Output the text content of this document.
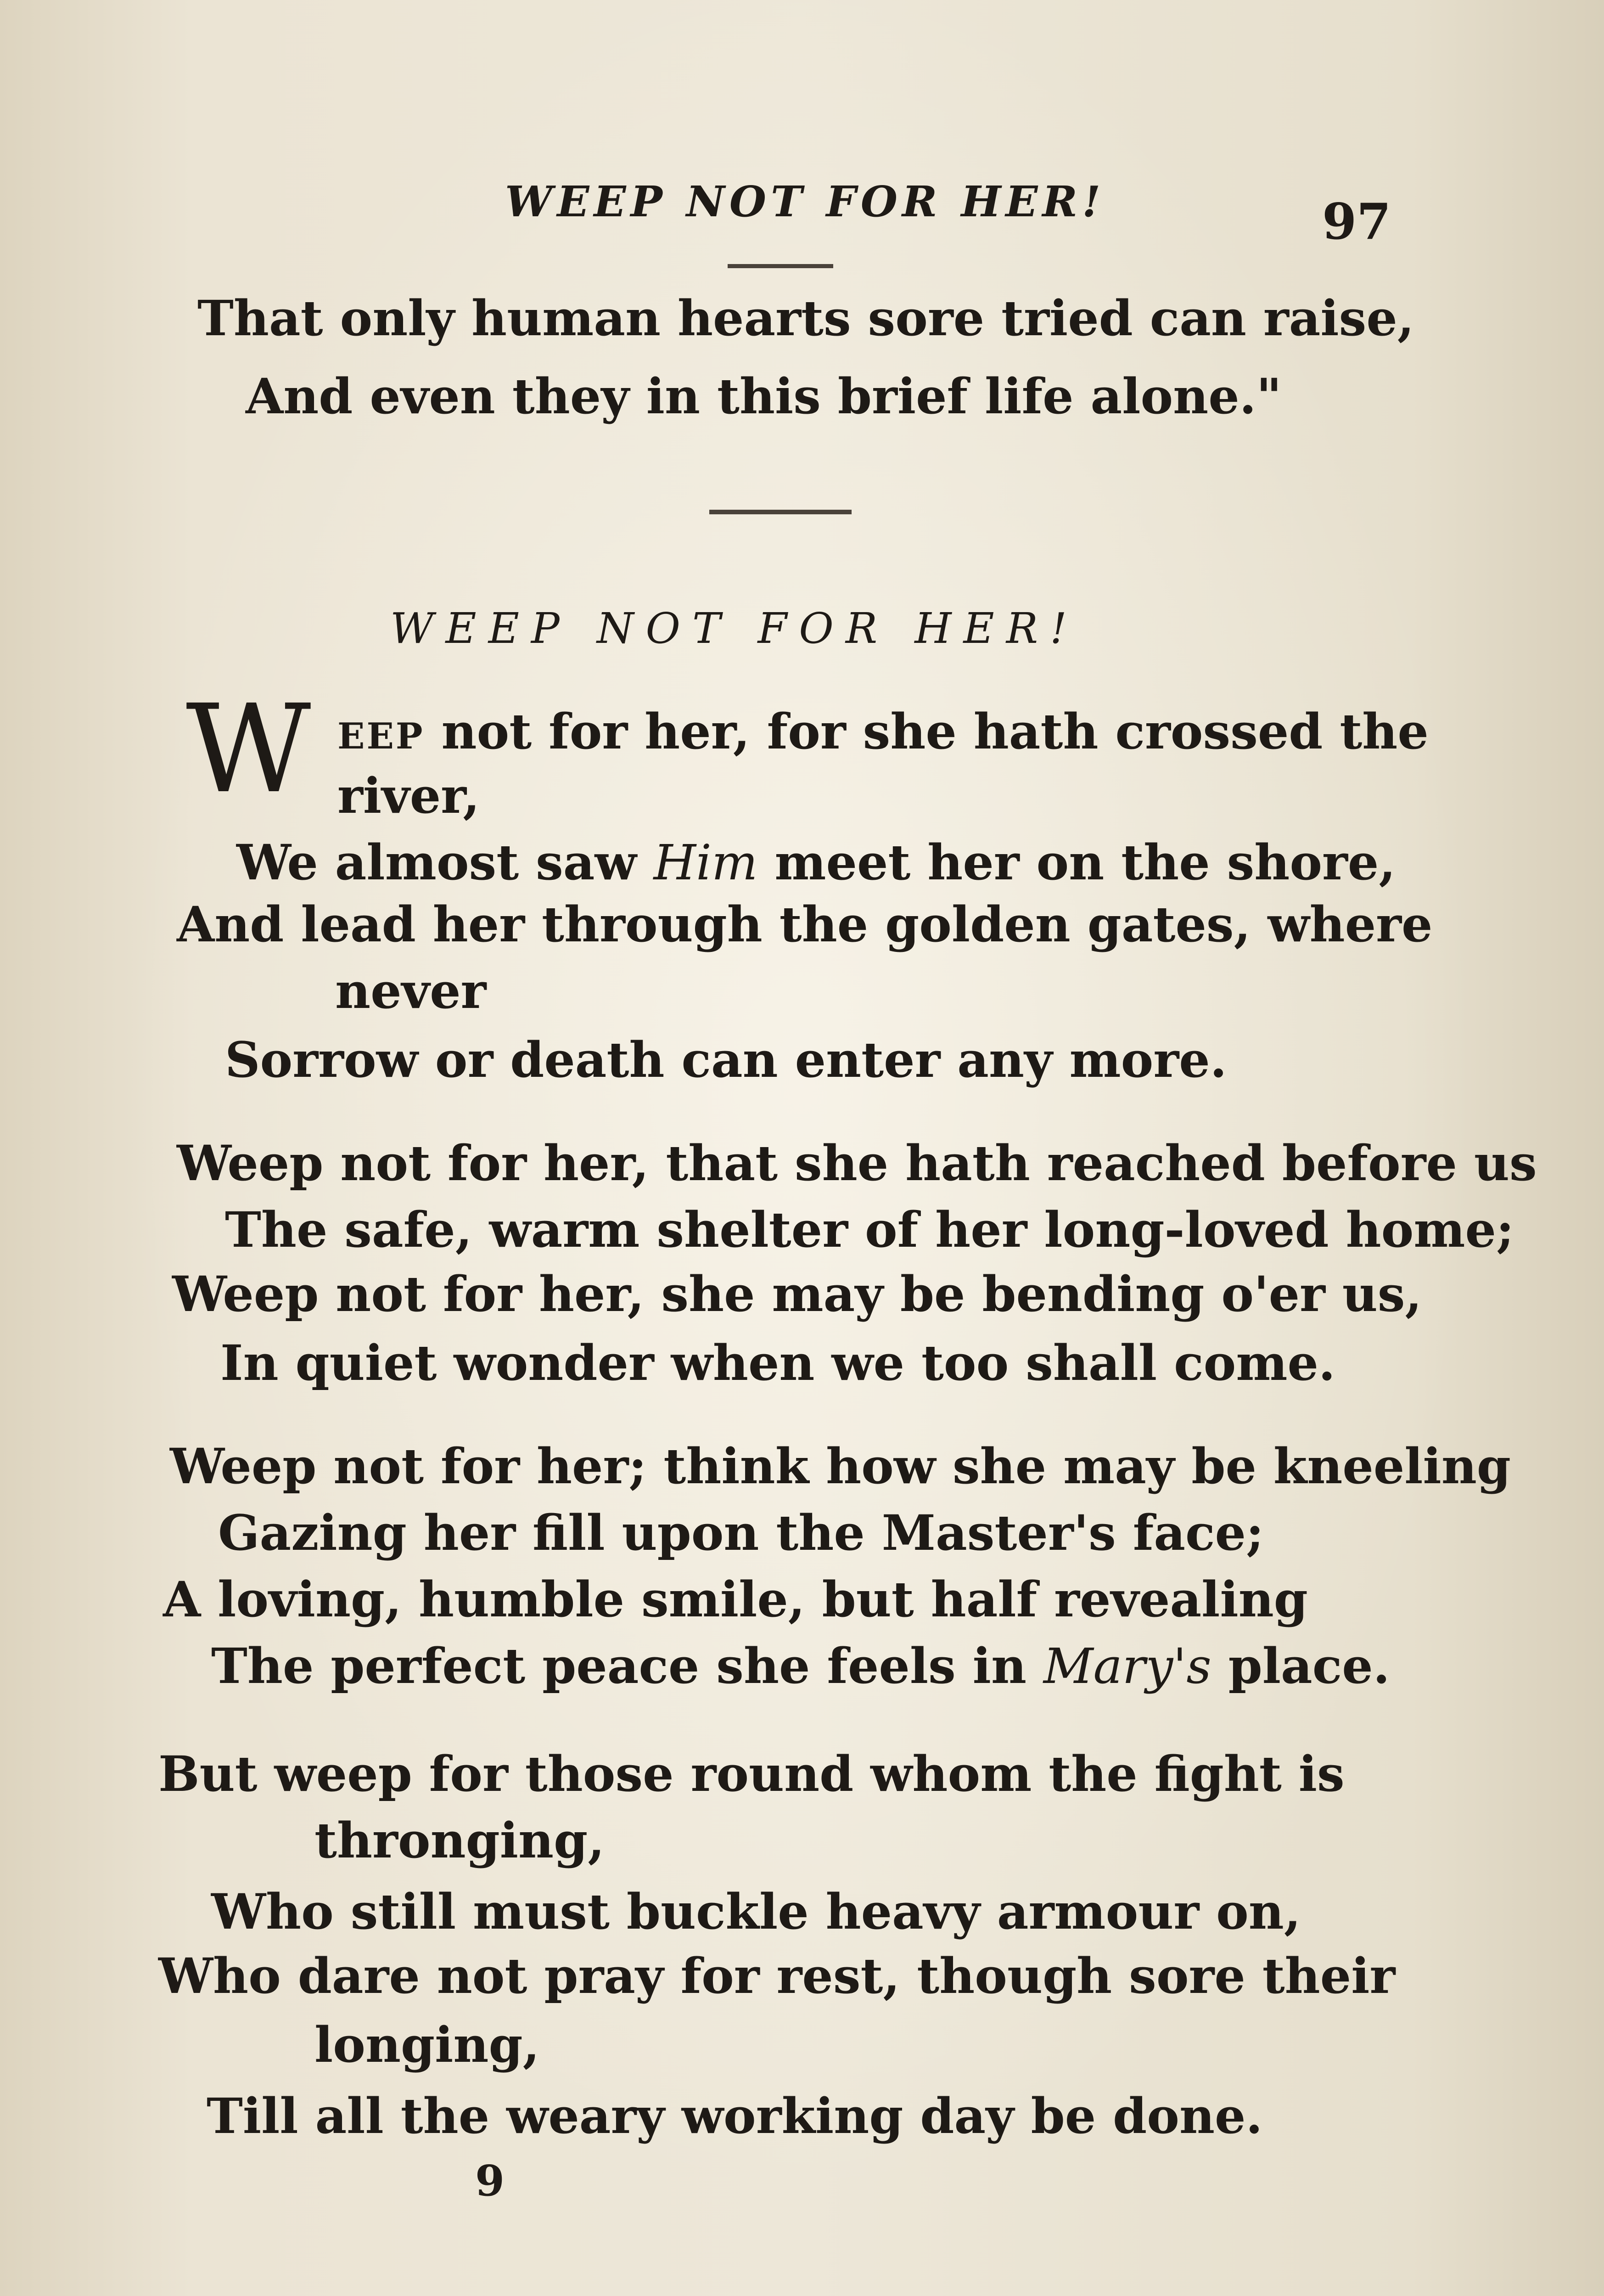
WEEP NOT FOR HER!	97
That only human hearts sore tried can raise,
And even they in this brief life alone."
WEEP NOT FOR HER!
W EEP not for her, for she hath crossed the
river,
We almost saw Him meet her on the shore,
And lead her through the golden gates, where
never
Sorrow or death can enter any more.
Weep not for her, that she hath reached before us
The safe, warm shelter of her long-loved home;
Weep not for her, she may be bending o'er us,
In quiet wonder when we too shall come.
Weep not for her; think how she may be kneeling
Gazing her fill upon the Master's face;
A loving, humble smile, but half revealing
The perfect peace she feels in Mary's place.
But weep for those round whom the fight is
thronging,
Who still must buckle heavy armour on,
Who dare not pray for rest, though sore their
longing,
Till all the weary working day be done.
9
